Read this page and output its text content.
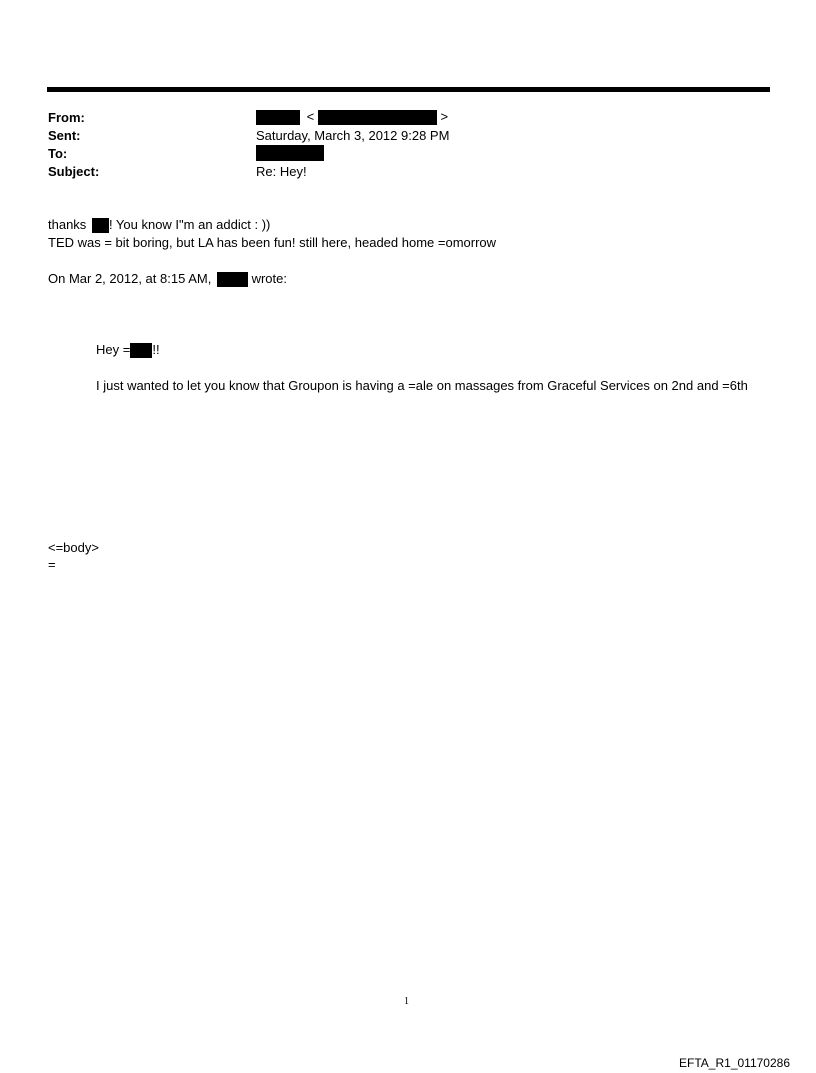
From:
Sent:
To:
Subject:
<	>
Saturday, March 3, 2012 9:28 PM
Re: Hey!
thanks ! You know I"m an addict : ))
TED was = bit boring, but LA has been fun! still here, headed home =omorrow
On Mar 2, 2012, at 8:15 AM,	wrote:
Hey = !!
I just wanted to let you know that Groupon is having a =ale on massages from Graceful Services on 2nd and =6th
<=body>
=
1
EFTA_R1_01170286
